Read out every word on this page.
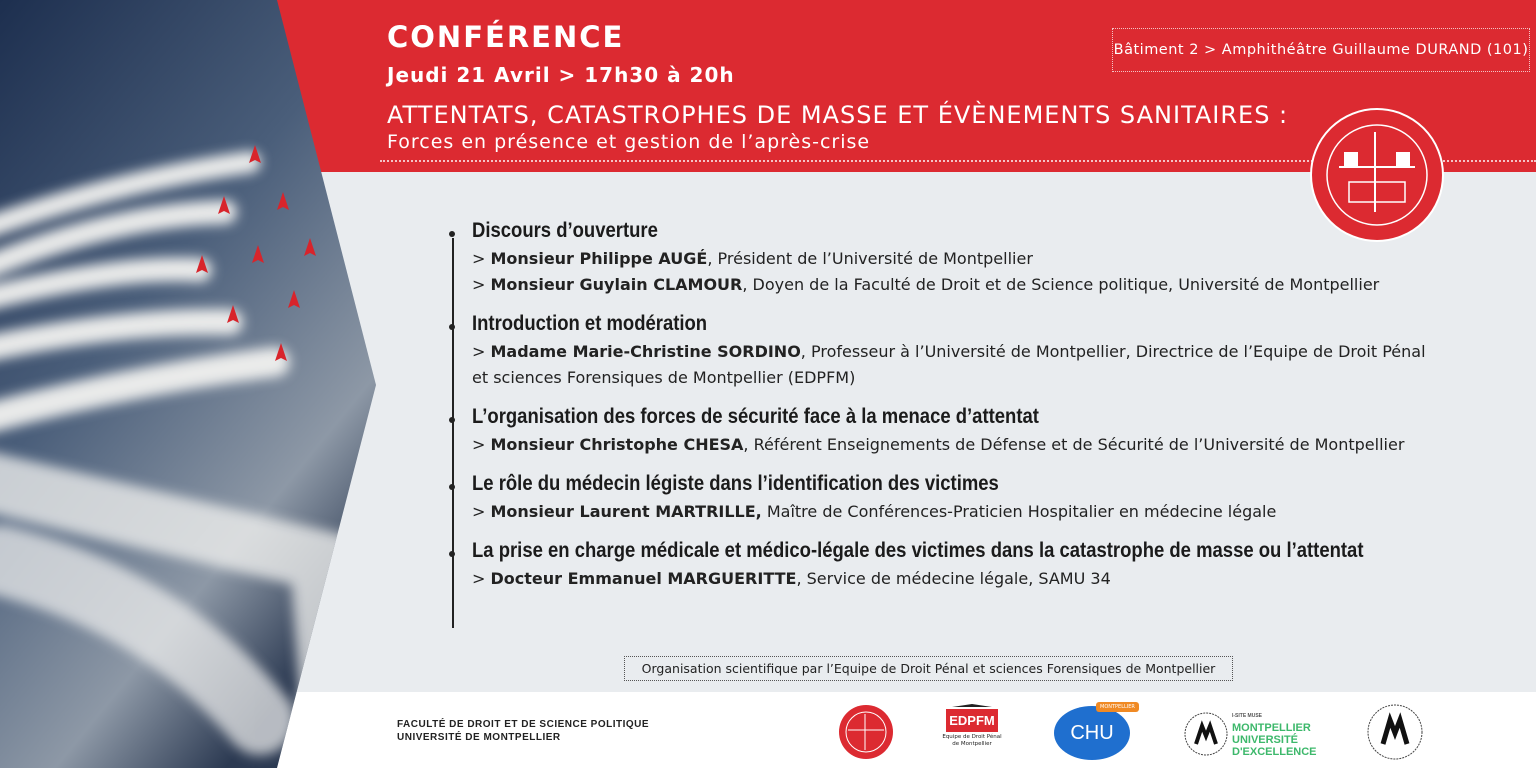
CONFÉRENCE
Jeudi 21 Avril > 17h30 à 20h
ATTENTATS, CATASTROPHES DE MASSE ET ÉVÈNEMENTS SANITAIRES :
Forces en présence et gestion de l’après-crise
Bâtiment 2 > Amphithéâtre Guillaume DURAND (101)
Discours d’ouverture

> Monsieur Philippe AUGÉ, Président de l’Université de Montpellier

> Monsieur Guylain CLAMOUR, Doyen de la Faculté de Droit et de Science politique, Université de Montpellier

Introduction et modération

> Madame Marie-Christine SORDINO, Professeur à l’Université de Montpellier, Directrice de l’Equipe de Droit Pénal et sciences Forensiques de Montpellier (EDPFM)

L’organisation des forces de sécurité face à la menace d’attentat

> Monsieur Christophe CHESA, Référent Enseignements de Défense et de Sécurité de l’Université de Montpellier

Le rôle du médecin légiste dans l’identification des victimes

> Monsieur Laurent MARTRILLE, Maître de Conférences-Praticien Hospitalier en médecine légale

La prise en charge médicale et médico-légale des victimes dans la catastrophe de masse ou l’attentat

> Docteur Emmanuel MARGUERITTE, Service de médecine légale, SAMU 34

Organisation scientifique par l’Equipe de Droit Pénal et sciences Forensiques de Montpellier
FACULTÉ DE DROIT ET DE SCIENCE POLITIQUE
UNIVERSITÉ DE MONTPELLIER
EDPFM
Equipe de Droit Pénal de Montpellier
CHU
MONTPELLIER
I-SITE MUSE
MONTPELLIER
UNIVERSITÉ
D'EXCELLENCE
